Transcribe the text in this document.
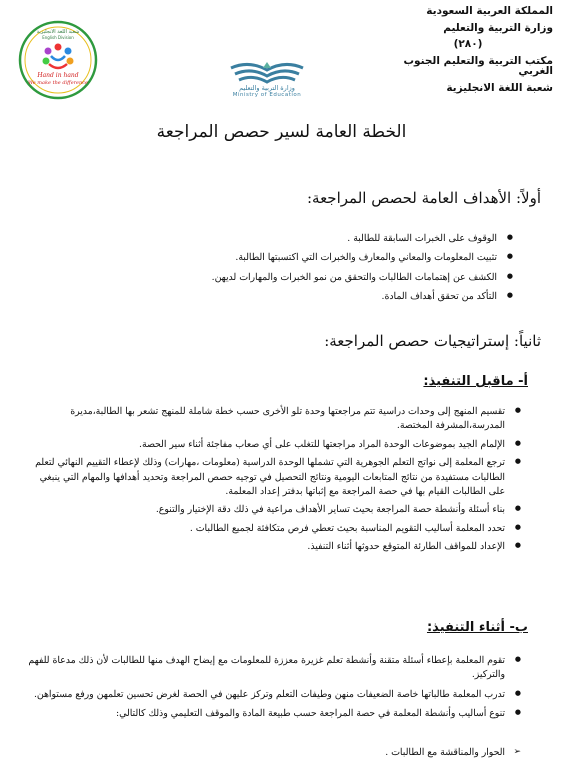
المملكة العربية السعودية
وزارة التربية والتعليم
(٢٨٠)
مكتب التربية والتعليم الجنوب الغربي
شعبة اللغة الانجليزية
وزارة التربية والتعليم
Ministry of Education
شعبة اللغة الانجليزية
English Division
Hand in hand
We make the difference
الخطة العامة لسير حصص المراجعة
أولاً: الأهداف العامة لحصص المراجعة:
● الوقوف على الخبرات السابقة للطالبة .
● تثبيت المعلومات والمعاني والمعارف والخبرات التي اكتسبتها الطالبة.
● الكشف عن إهتمامات الطالبات والتحقق من نمو الخبرات والمهارات لديهن.
● التأكد من تحقق أهداف المادة.
ثانياً: إستراتيجيات حصص المراجعة:
أ- ماقبل التنفيذ:
● تقسيم المنهج إلى وحدات دراسية تتم مراجعتها وحدة تلو الأخرى حسب خطة شاملة للمنهج تشعر بها الطالبة،مديرة المدرسة،المشرفة المختصة.
● الإلمام الجيد بموضوعات الوحدة المراد مراجعتها للتغلب على أي صعاب مفاجئة أثناء سير الحصة.
● ترجع المعلمة إلى نواتج التعلم الجوهرية التي تشملها الوحدة الدراسية (معلومات ،مهارات) وذلك لإعطاء التقييم النهائي لتعلم الطالبات مستفيدة من نتائج المتابعات اليومية ونتائج التحصيل في توجيه حصص المراجعة وتحديد أهدافها والمهام التي ينبغي على الطالبات القيام بها في حصة المراجعة مع إثباتها بدفتر إعداد المعلمة.
● بناء أسئلة وأنشطة حصة المراجعة بحيث تساير الأهداف مراعية في ذلك دقة الإختيار والتنوع.
● تحدد المعلمة أساليب التقويم المناسبة بحيث تعطي فرص متكافئة لجميع الطالبات .
● الإعداد للمواقف الطارئة المتوقع حدوثها أثناء التنفيذ.
ب- أثناء التنفيذ:
● تقوم المعلمة بإعطاء أسئلة متقنة وأنشطة تعلم غزيرة معززة للمعلومات مع إيضاح الهدف منها للطالبات لأن ذلك مدعاة للفهم والتركيز.
● تدرب المعلمة طالباتها خاصة الضعيفات منهن وطيفات التعلم وتركز عليهن في الحصة لغرض تحسين تعلمهن ورفع مستواهن.
● تنوع أساليب وأنشطة المعلمة في حصة المراجعة حسب طبيعة المادة والموقف التعليمي وذلك كالتالي:
➢ الحوار والمناقشة مع الطالبات .
